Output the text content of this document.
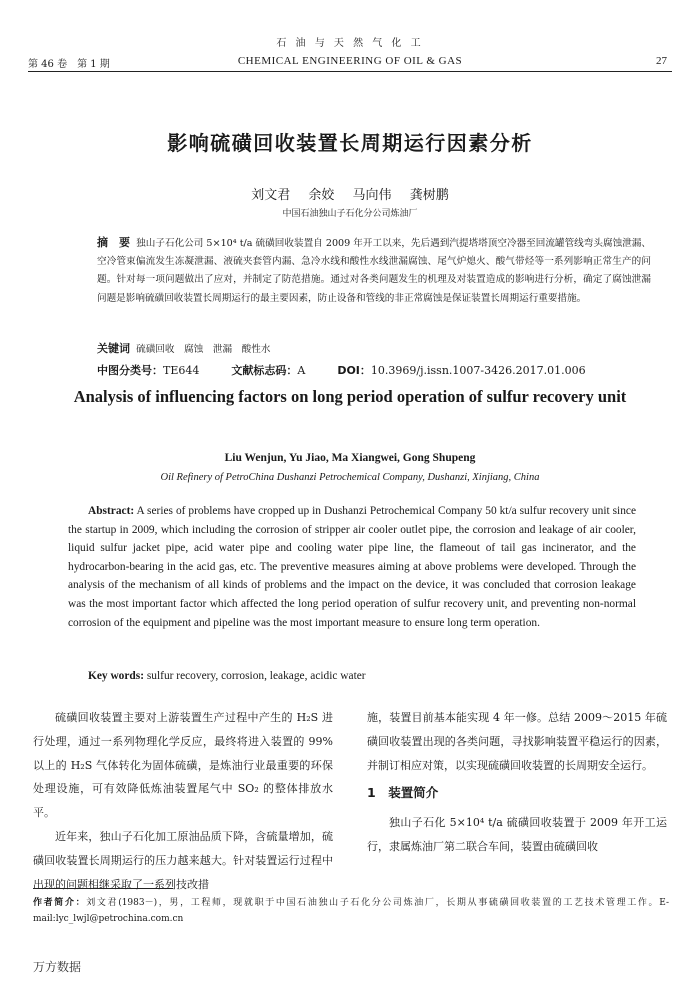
石 油 与 天 然 气 化 工
第 46 卷　第 1 期	CHEMICAL ENGINEERING OF OIL & GAS	27
影响硫磺回收装置长周期运行因素分析
刘文君 余姣 马向伟 龚树鹏
中国石油独山子石化分公司炼油厂
摘　要 独山子石化公司 5×10⁴ t/a 硫磺回收装置自 2009 年开工以来，先后遇到汽提塔塔顶空冷器至回流罐管线弯头腐蚀泄漏、空冷管束偏流发生冻凝泄漏、液硫夹套管内漏、急冷水线和酸性水线泄漏腐蚀、尾气炉熄火、酸气带烃等一系列影响正常生产的问题。针对每一项问题做出了应对，并制定了防范措施。通过对各类问题发生的机理及对装置造成的影响进行分析，确定了腐蚀泄漏问题是影响硫磺回收装置长周期运行的最主要因素，防止设备和管线的非正常腐蚀是保证装置长周期运行重要措施。
关键词 硫磺回收　腐蚀　泄漏　酸性水
中图分类号：TE644	文献标志码：A	DOI：10.3969/j.issn.1007-3426.2017.01.006
Analysis of influencing factors on long period operation of sulfur recovery unit
Liu Wenjun, Yu Jiao, Ma Xiangwei, Gong Shupeng
Oil Refinery of PetroChina Dushanzi Petrochemical Company, Dushanzi, Xinjiang, China
Abstract: A series of problems have cropped up in Dushanzi Petrochemical Company 50 kt/a sulfur recovery unit since the startup in 2009, which including the corrosion of stripper air cooler outlet pipe, the corrosion and leakage of air cooler, liquid sulfur jacket pipe, acid water pipe and cooling water pipe line, the flameout of tail gas incinerator, and the hydrocarbon-bearing in the acid gas, etc. The preventive measures aiming at above problems were developed. Through the analysis of the mechanism of all kinds of problems and the impact on the device, it was concluded that corrosion leakage was the most important factor which affected the long period operation of sulfur recovery unit, and preventing non-normal corrosion of the equipment and pipeline was the most important measure to ensure long term operation.
Key words: sulfur recovery, corrosion, leakage, acidic water

硫磺回收装置主要对上游装置生产过程中产生的 H₂S 进行处理，通过一系列物理化学反应，最终将进入装置的 99%以上的 H₂S 气体转化为固体硫磺，是炼油行业最重要的环保处理设施，可有效降低炼油装置尾气中 SO₂ 的整体排放水平。

近年来，独山子石化加工原油品质下降，含硫量增加，硫磺回收装置长周期运行的压力越来越大。针对装置运行过程中出现的问题相继采取了一系列技改措

施，装置目前基本能实现 4 年一修。总结 2009～2015 年硫磺回收装置出现的各类问题，寻找影响装置平稳运行的因素，并制订相应对策，以实现硫磺回收装置的长周期安全运行。

1　装置简介

独山子石化 5×10⁴ t/a 硫磺回收装置于 2009 年开工运行，隶属炼油厂第二联合车间，装置由硫磺回收

作者简介：刘文君(1983－)，男，工程师，现就职于中国石油独山子石化分公司炼油厂，长期从事硫磺回收装置的工艺技术管理工作。E-mail:lyc_lwjl@petrochina.com.cn
万方数据
